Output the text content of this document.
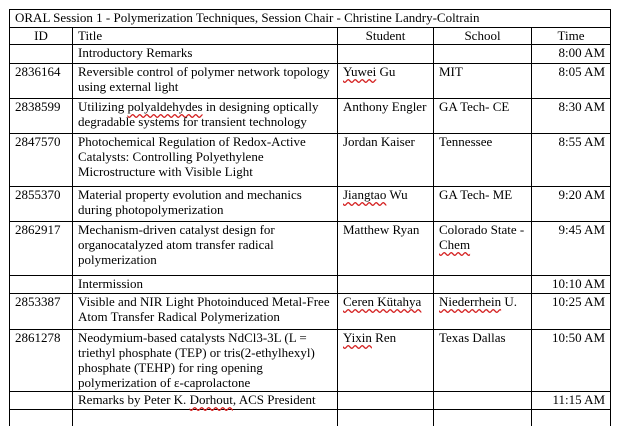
ORAL Session 1 - Polymerization Techniques, Session Chair - Christine Landry-Coltrain				
ID	Title	Student	School	Time
	Introductory Remarks			8:00 AM
2836164	Reversible control of polymer network topology using external light	Yuwei Gu	MIT	8:05 AM
2838599	Utilizing polyaldehydes in designing optically degradable systems for transient technology	Anthony Engler	GA Tech- CE	8:30 AM
2847570	Photochemical Regulation of Redox-Active Catalysts: Controlling Polyethylene Microstructure with Visible Light	Jordan Kaiser	Tennessee	8:55 AM
2855370	Material property evolution and mechanics during photopolymerization	Jiangtao Wu	GA Tech- ME	9:20 AM
2862917	Mechanism-driven catalyst design for organocatalyzed atom transfer radical polymerization	Matthew Ryan	Colorado State - Chem	9:45 AM
	Intermission			10:10 AM
2853387	Visible and NIR Light Photoinduced Metal-Free Atom Transfer Radical Polymerization	Ceren Kütahya	Niederrhein U.	10:25 AM
2861278	Neodymium-based catalysts NdCl3-3L (L = triethyl phosphate (TEP) or tris(2-ethylhexyl) phosphate (TEHP) for ring opening polymerization of ε-caprolactone	Yixin Ren	Texas Dallas	10:50 AM
	Remarks by Peter K. Dorhout, ACS President			11:15 AM
